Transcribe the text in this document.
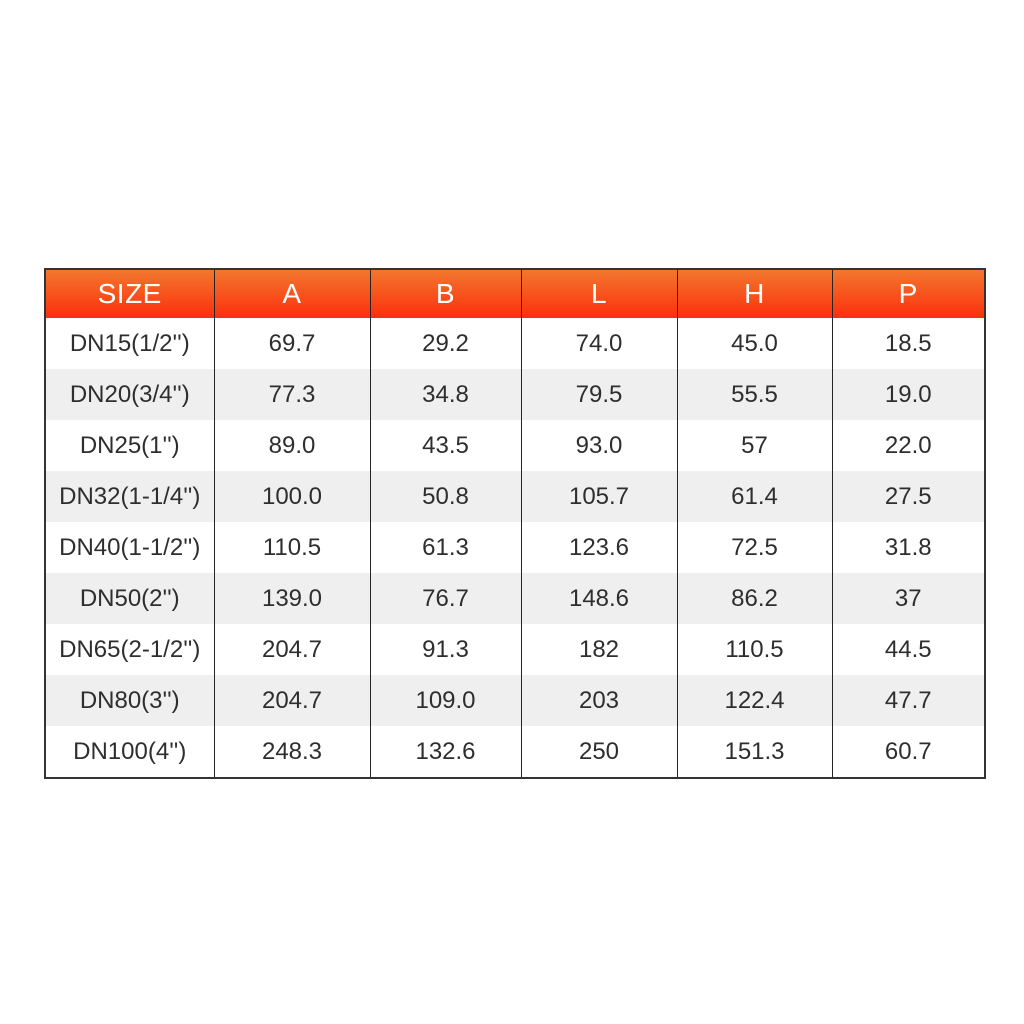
SIZE	A	B	L	H	P
DN15(1/2'')	69.7	29.2	74.0	45.0	18.5
DN20(3/4'')	77.3	34.8	79.5	55.5	19.0
DN25(1'')	89.0	43.5	93.0	57	22.0
DN32(1-1/4'')	100.0	50.8	105.7	61.4	27.5
DN40(1-1/2'')	110.5	61.3	123.6	72.5	31.8
DN50(2'')	139.0	76.7	148.6	86.2	37
DN65(2-1/2'')	204.7	91.3	182	110.5	44.5
DN80(3'')	204.7	109.0	203	122.4	47.7
DN100(4'')	248.3	132.6	250	151.3	60.7
